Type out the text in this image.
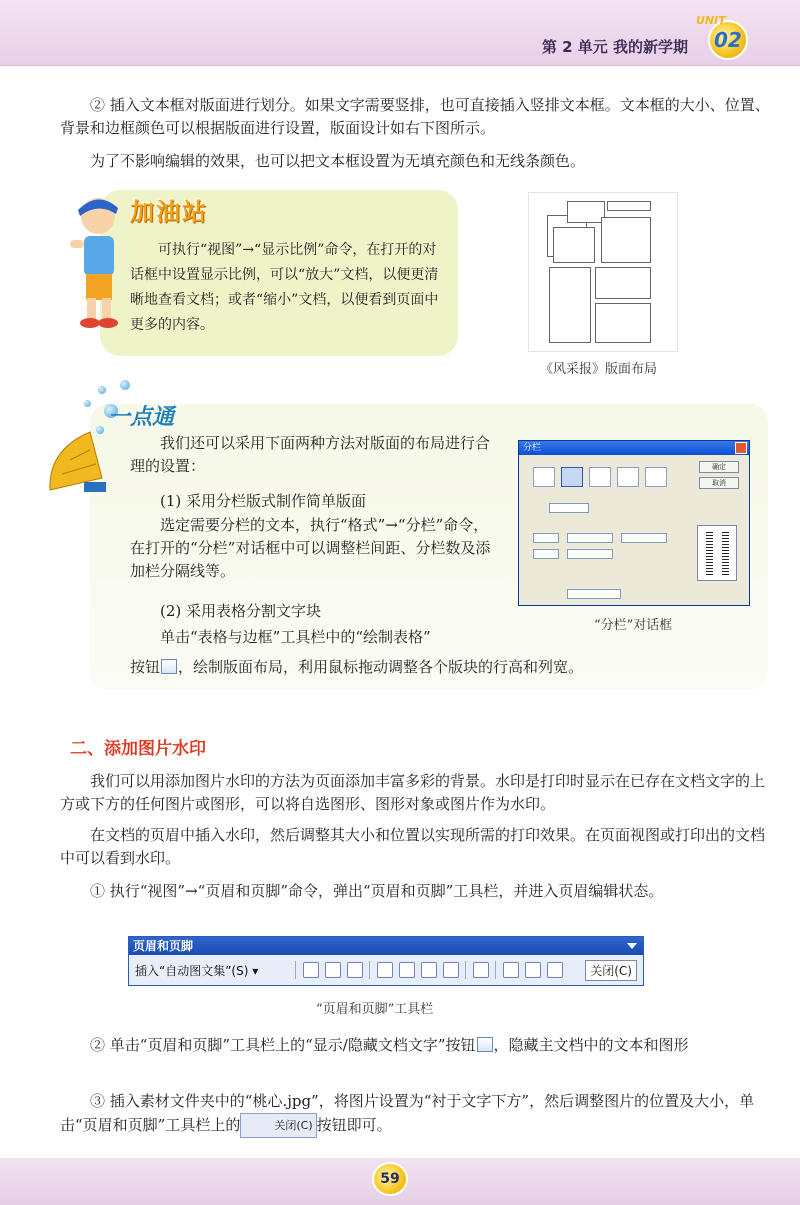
第 2 单元 我的新学期
UNIT
02
② 插入文本框对版面进行划分。如果文字需要竖排，也可直接插入竖排文本框。文本框的大小、位置、背景和边框颜色可以根据版面进行设置，版面设计如右下图所示。
为了不影响编辑的效果，也可以把文本框设置为无填充颜色和无线条颜色。
加油站
可执行“视图”→“显示比例”命令，在打开的对话框中设置显示比例，可以“放大”文档，以便更清晰地查看文档；或者“缩小”文档，以便看到页面中更多的内容。
《风采报》版面布局
一点通
我们还可以采用下面两种方法对版面的布局进行合理的设置：
(1) 采用分栏版式制作简单版面
选定需要分栏的文本，执行“格式”→“分栏”命令，在打开的“分栏”对话框中可以调整栏间距、分栏数及添加栏分隔线等。
(2) 采用表格分割文字块
单击“表格与边框”工具栏中的“绘制表格”
按钮 ，绘制版面布局，利用鼠标拖动调整各个版块的行高和列宽。
分栏
确定
取消
“分栏”对话框
二、添加图片水印
我们可以用添加图片水印的方法为页面添加丰富多彩的背景。水印是打印时显示在已存在文档文字的上方或下方的任何图片或图形，可以将自选图形、图形对象或图片作为水印。
在文档的页眉中插入水印，然后调整其大小和位置以实现所需的打印效果。在页面视图或打印出的文档中可以看到水印。
① 执行“视图”→“页眉和页脚”命令，弹出“页眉和页脚”工具栏，并进入页眉编辑状态。
页眉和页脚
插入“自动图文集”(S) ▾	关闭(C)
“页眉和页脚”工具栏
② 单击“页眉和页脚”工具栏上的“显示/隐藏文档文字”按钮 ，隐藏主文档中的文本和图形
③ 插入素材文件夹中的“桃心.jpg”，将图片设置为“衬于文字下方”，然后调整图片的位置及大小，单击“页眉和页脚”工具栏上的	关闭(C) 按钮即可。
59
